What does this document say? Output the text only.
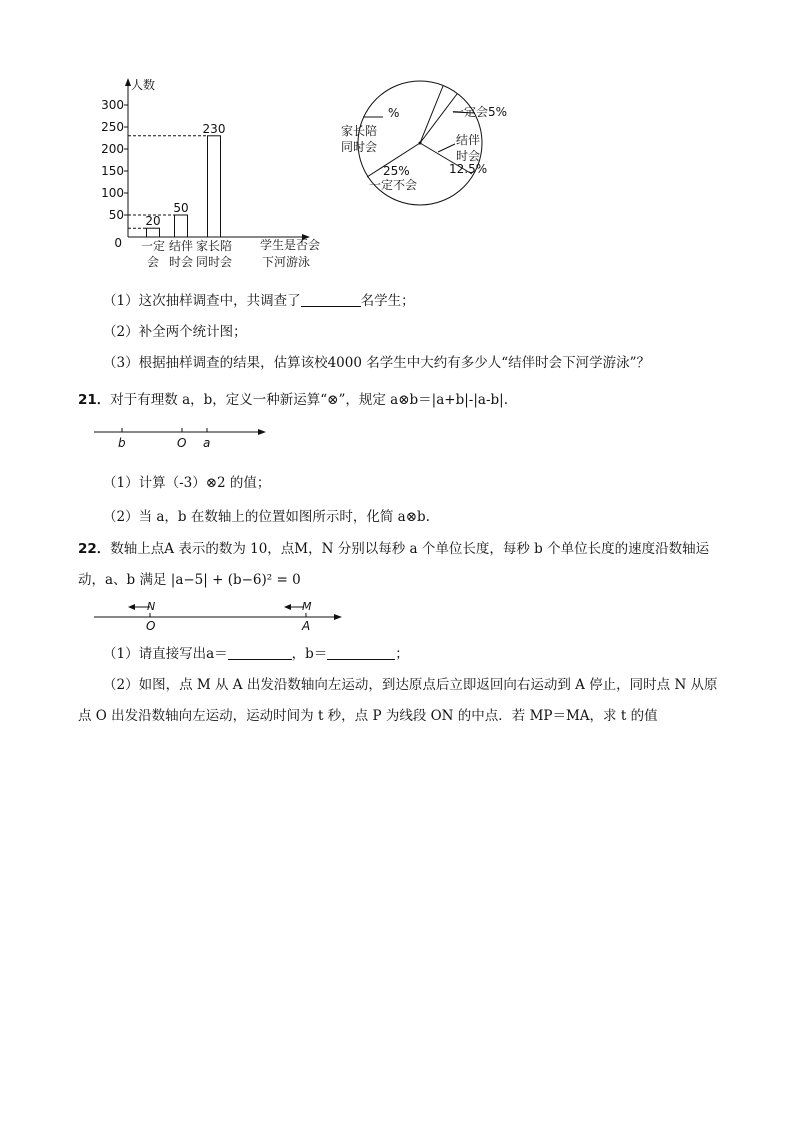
人数
0
50
100
150
200
250
300
20
一定
会
50
结伴
时会
230
家长陪
同时会
学生是否会
下河游泳
%
家长陪
同时会
一定会5%
结伴
时会
12.5%
25%
一定不会
（1）这次抽样调查中，共调查了	名学生；
（2）补全两个统计图；
（3）根据抽样调查的结果，估算该校4000 名学生中大约有多少人“结伴时会下河学游泳”？
21．对于有理数 a，b，定义一种新运算“⊗”，规定 a⊗b＝|a+b|-|a-b|.
b	O a
（1）计算（-3）⊗2 的值；
（2）当 a，b 在数轴上的位置如图所示时，化简 a⊗b.
22．数轴上点A 表示的数为 10，点M，N 分别以每秒 a 个单位长度，每秒 b 个单位长度的速度沿数轴运
动，a、b 满足 |a−5| + (b−6)² = 0
N	M
O	A
（1）请直接写出a＝	，b＝	；
（2）如图，点 M 从 A 出发沿数轴向左运动，到达原点后立即返回向右运动到 A 停止，同时点 N 从原
点 O 出发沿数轴向左运动，运动时间为 t 秒，点 P 为线段 ON 的中点．若 MP＝MA，求 t 的值
